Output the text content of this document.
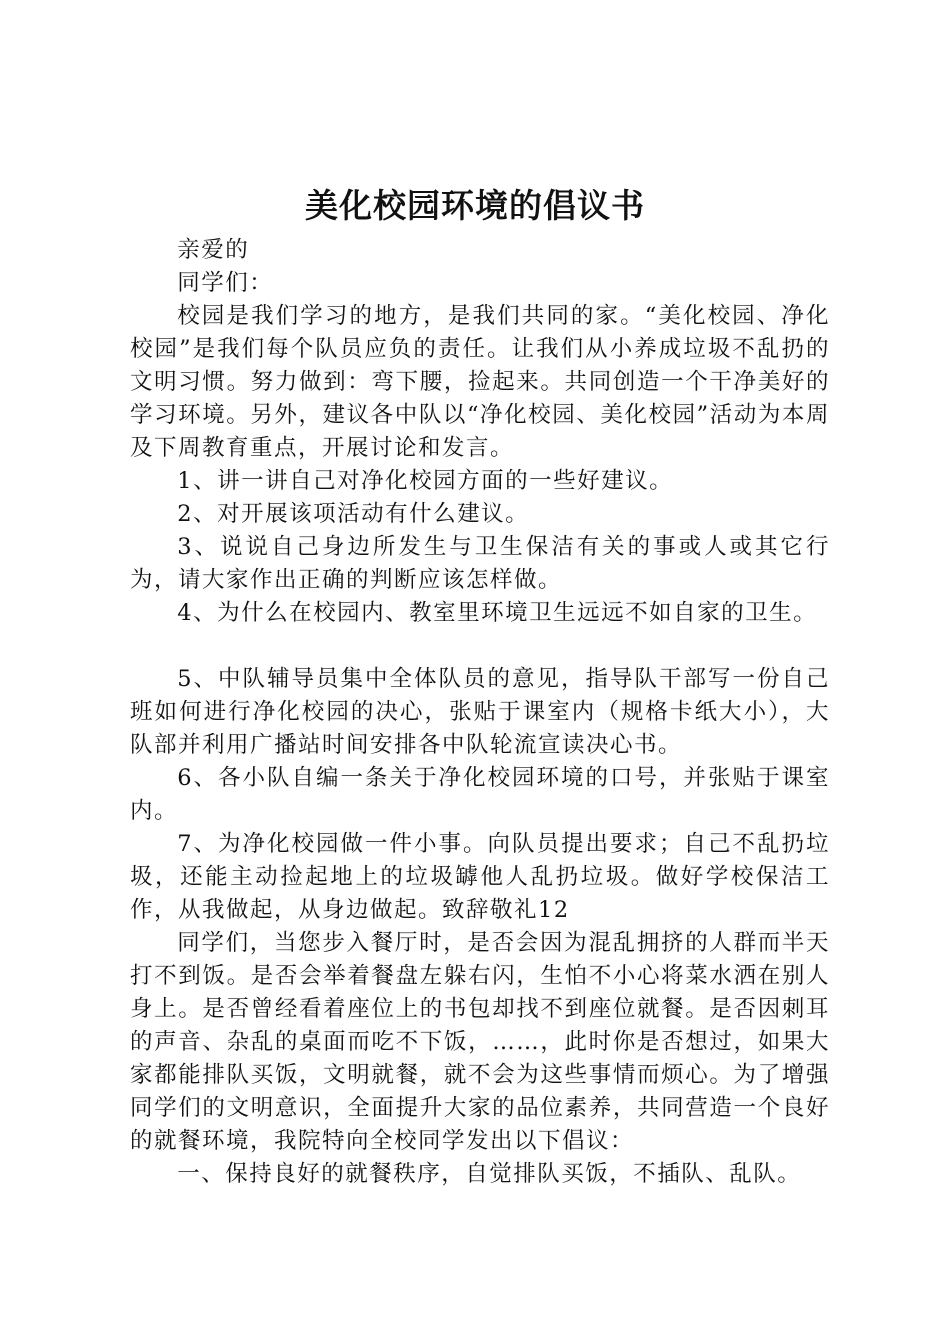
美化校园环境的倡议书

亲爱的

同学们：

校园是我们学习的地方，是我们共同的家。“美化校园、净化校园”是我们每个队员应负的责任。让我们从小养成垃圾不乱扔的文明习惯。努力做到：弯下腰，捡起来。共同创造一个干净美好的学习环境。另外，建议各中队以“净化校园、美化校园”活动为本周及下周教育重点，开展讨论和发言。

1、讲一讲自己对净化校园方面的一些好建议。

2、对开展该项活动有什么建议。

3、说说自己身边所发生与卫生保洁有关的事或人或其它行为，请大家作出正确的判断应该怎样做。

4、为什么在校园内、教室里环境卫生远远不如自家的卫生。

5、中队辅导员集中全体队员的意见，指导队干部写一份自己班如何进行净化校园的决心，张贴于课室内（规格卡纸大小），大队部并利用广播站时间安排各中队轮流宣读决心书。

6、各小队自编一条关于净化校园环境的口号，并张贴于课室内。

7、为净化校园做一件小事。向队员提出要求；自己不乱扔垃圾，还能主动捡起地上的垃圾罅他人乱扔垃圾。做好学校保洁工作，从我做起，从身边做起。致辞敬礼12

同学们，当您步入餐厅时，是否会因为混乱拥挤的人群而半天打不到饭。是否会举着餐盘左躲右闪，生怕不小心将菜水洒在别人身上。是否曾经看着座位上的书包却找不到座位就餐。是否因刺耳的声音、杂乱的桌面而吃不下饭，……，此时你是否想过，如果大家都能排队买饭，文明就餐，就不会为这些事情而烦心。为了增强同学们的文明意识，全面提升大家的品位素养，共同营造一个良好的就餐环境，我院特向全校同学发出以下倡议：

一、保持良好的就餐秩序，自觉排队买饭，不插队、乱队。
